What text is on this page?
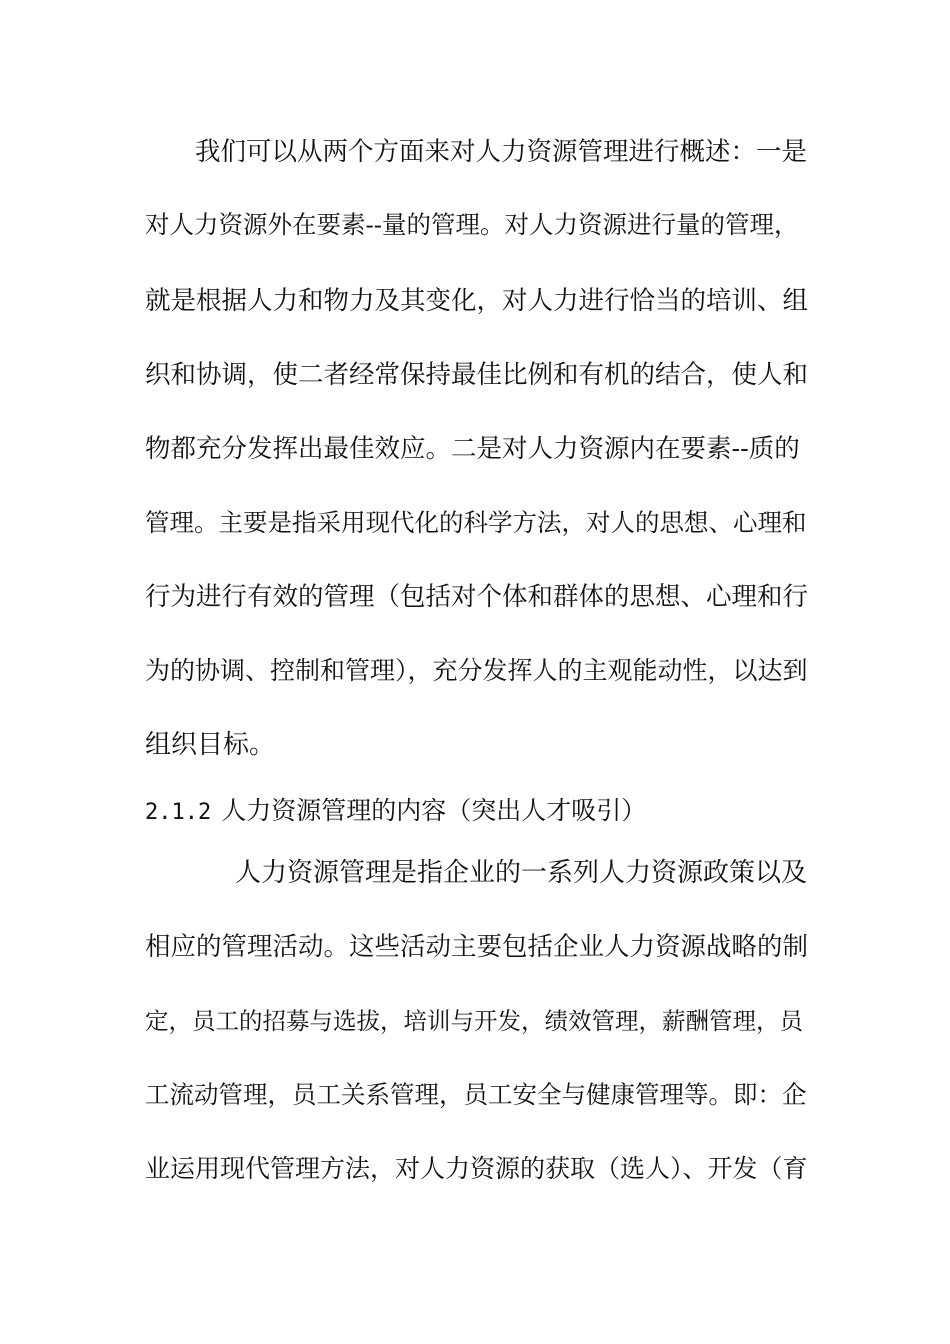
我们可以从两个方面来对人力资源管理进行概述：一是
对人力资源外在要素--量的管理。对人力资源进行量的管理，
就是根据人力和物力及其变化，对人力进行恰当的培训、组
织和协调，使二者经常保持最佳比例和有机的结合，使人和
物都充分发挥出最佳效应。二是对人力资源内在要素--质的
管理。主要是指采用现代化的科学方法，对人的思想、心理和
行为进行有效的管理（包括对个体和群体的思想、心理和行
为的协调、控制和管理），充分发挥人的主观能动性，以达到
组织目标。
2.1.2 人力资源管理的内容（突出人才吸引）
人力资源管理是指企业的一系列人力资源政策以及
相应的管理活动。这些活动主要包括企业人力资源战略的制
定，员工的招募与选拔，培训与开发，绩效管理，薪酬管理，员
工流动管理，员工关系管理，员工安全与健康管理等。即：企
业运用现代管理方法，对人力资源的获取（选人）、开发（育
